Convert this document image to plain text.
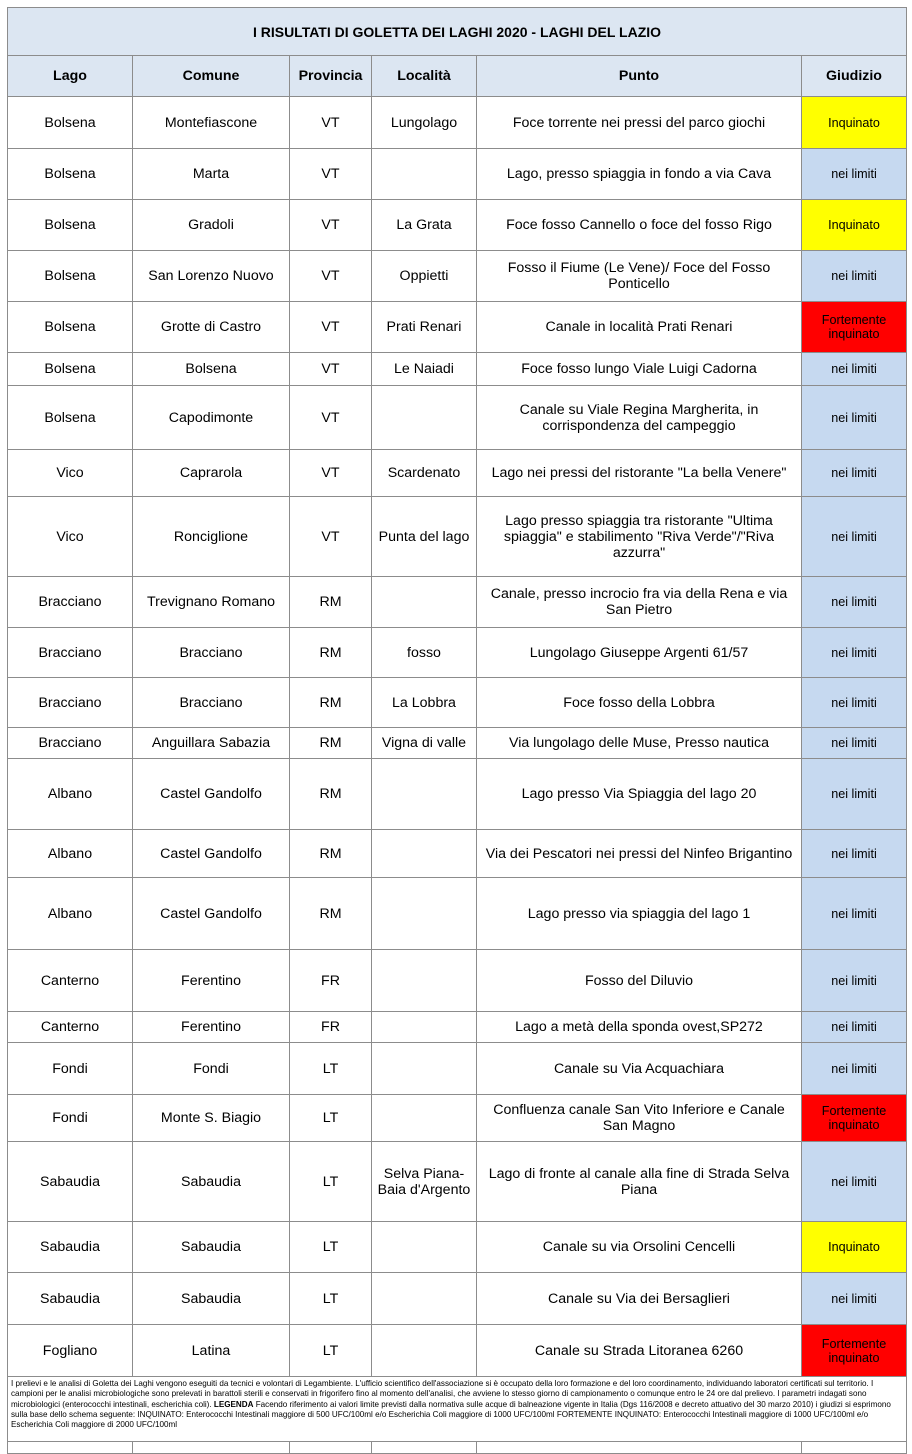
I RISULTATI DI GOLETTA DEI LAGHI 2020 - LAGHI DEL LAZIO					
Lago	Comune	Provincia	Località	Punto	Giudizio
Bolsena	Montefiascone	VT	Lungolago	Foce torrente nei pressi del parco giochi	Inquinato
Bolsena	Marta	VT		Lago, presso spiaggia in fondo a via Cava	nei limiti
Bolsena	Gradoli	VT	La Grata	Foce fosso Cannello o foce del fosso Rigo	Inquinato
Bolsena	San Lorenzo Nuovo	VT	Oppietti	Fosso il Fiume (Le Vene)/ Foce del Fosso Ponticello	nei limiti
Bolsena	Grotte di Castro	VT	Prati Renari	Canale in località Prati Renari	Fortemente inquinato
Bolsena	Bolsena	VT	Le Naiadi	Foce fosso lungo Viale Luigi Cadorna	nei limiti
Bolsena	Capodimonte	VT		Canale su Viale Regina Margherita, in corrispondenza del campeggio	nei limiti
Vico	Caprarola	VT	Scardenato	Lago nei pressi del ristorante "La bella Venere"	nei limiti
Vico	Ronciglione	VT	Punta del lago	Lago presso spiaggia tra ristorante "Ultima spiaggia" e stabilimento "Riva Verde"/"Riva azzurra"	nei limiti
Bracciano	Trevignano Romano	RM		Canale, presso incrocio fra via della Rena e via San Pietro	nei limiti
Bracciano	Bracciano	RM	fosso	Lungolago Giuseppe Argenti 61/57	nei limiti
Bracciano	Bracciano	RM	La Lobbra	Foce fosso della Lobbra	nei limiti
Bracciano	Anguillara Sabazia	RM	Vigna di valle	Via lungolago delle Muse, Presso nautica	nei limiti
Albano	Castel Gandolfo	RM		Lago presso Via Spiaggia del lago 20	nei limiti
Albano	Castel Gandolfo	RM		Via dei Pescatori nei pressi del Ninfeo Brigantino	nei limiti
Albano	Castel Gandolfo	RM		Lago presso via spiaggia del lago 1	nei limiti
Canterno	Ferentino	FR		Fosso del Diluvio	nei limiti
Canterno	Ferentino	FR		Lago a metà della sponda ovest,SP272	nei limiti
Fondi	Fondi	LT		Canale su Via Acquachiara	nei limiti
Fondi	Monte S. Biagio	LT		Confluenza canale San Vito Inferiore e Canale San Magno	Fortemente inquinato
Sabaudia	Sabaudia	LT	Selva Piana-Baia d'Argento	Lago di fronte al canale alla fine di Strada Selva Piana	nei limiti
Sabaudia	Sabaudia	LT		Canale su via Orsolini Cencelli	Inquinato
Sabaudia	Sabaudia	LT		Canale su Via dei Bersaglieri	nei limiti
Fogliano	Latina	LT		Canale su Strada Litoranea 6260	Fortemente inquinato
I prelievi e le analisi di Goletta dei Laghi vengono eseguiti da tecnici e volontari di Legambiente. L'ufficio scientifico dell'associazione si è occupato della loro formazione e del loro coordinamento, individuando laboratori certificati sul territorio. I campioni per le analisi microbiologiche sono prelevati in barattoli sterili e conservati in frigorifero fino al momento dell'analisi, che avviene lo stesso giorno di campionamento o comunque entro le 24 ore dal prelievo. I parametri indagati sono microbiologici (enterococchi intestinali, escherichia coli). LEGENDA Facendo riferimento ai valori limite previsti dalla normativa sulle acque di balneazione vigente in Italia (Dgs 116/2008 e decreto attuativo del 30 marzo 2010) i giudizi si esprimono sulla base dello schema seguente: INQUINATO: Enterococchi Intestinali maggiore di 500 UFC/100ml e/o Escherichia Coli maggiore di 1000 UFC/100ml FORTEMENTE INQUINATO: Enterococchi Intestinali maggiore di 1000 UFC/100ml e/o Escherichia Coli maggiore di 2000 UFC/100ml					
